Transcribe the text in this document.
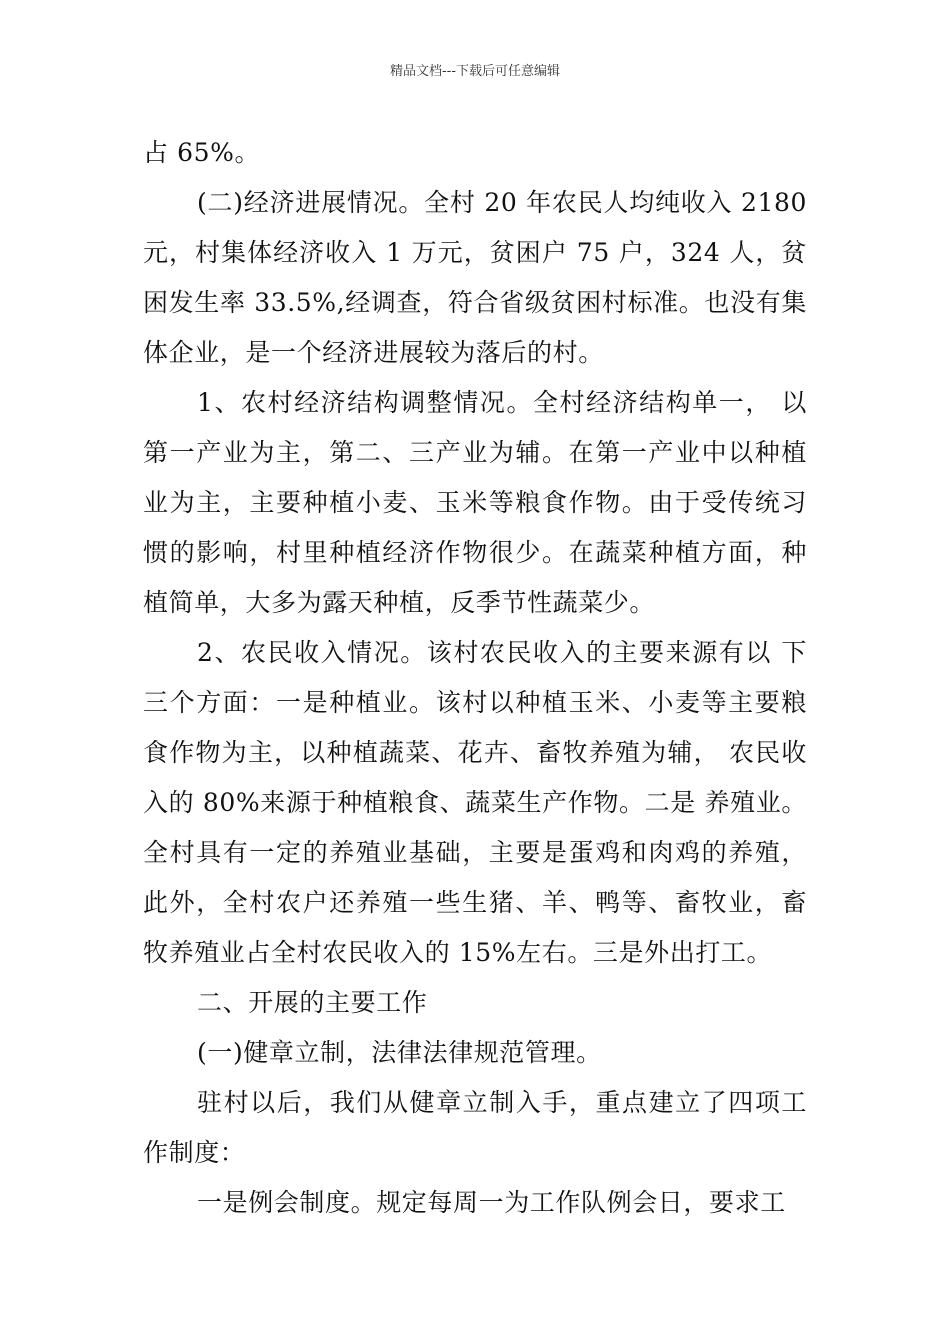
精品文档---下载后可任意编辑

占 65%。

(二)经济进展情况。全村 20 年农民人均纯收入 2180 元，村集体经济收入 1 万元，贫困户 75 户，324 人，贫困发生率 33.5%,经调查，符合省级贫困村标准。也没有集体企业，是一个经济进展较为落后的村。

1、农村经济结构调整情况。全村经济结构单一， 以第一产业为主，第二、三产业为辅。在第一产业中以种植业为主，主要种植小麦、玉米等粮食作物。由于受传统习惯的影响，村里种植经济作物很少。在蔬菜种植方面，种植简单，大多为露天种植，反季节性蔬菜少。

2、农民收入情况。该村农民收入的主要来源有以 下三个方面：一是种植业。该村以种植玉米、小麦等主要粮食作物为主，以种植蔬菜、花卉、畜牧养殖为辅， 农民收入的 80%来源于种植粮食、蔬菜生产作物。二是 养殖业。全村具有一定的养殖业基础，主要是蛋鸡和肉鸡的养殖，此外，全村农户还养殖一些生猪、羊、鸭等、畜牧业，畜牧养殖业占全村农民收入的 15%左右。三是外出打工。

二、开展的主要工作

(一)健章立制，法律法律规范管理。

驻村以后，我们从健章立制入手，重点建立了四项工作制度：

一是例会制度。规定每周一为工作队例会日，要求工
